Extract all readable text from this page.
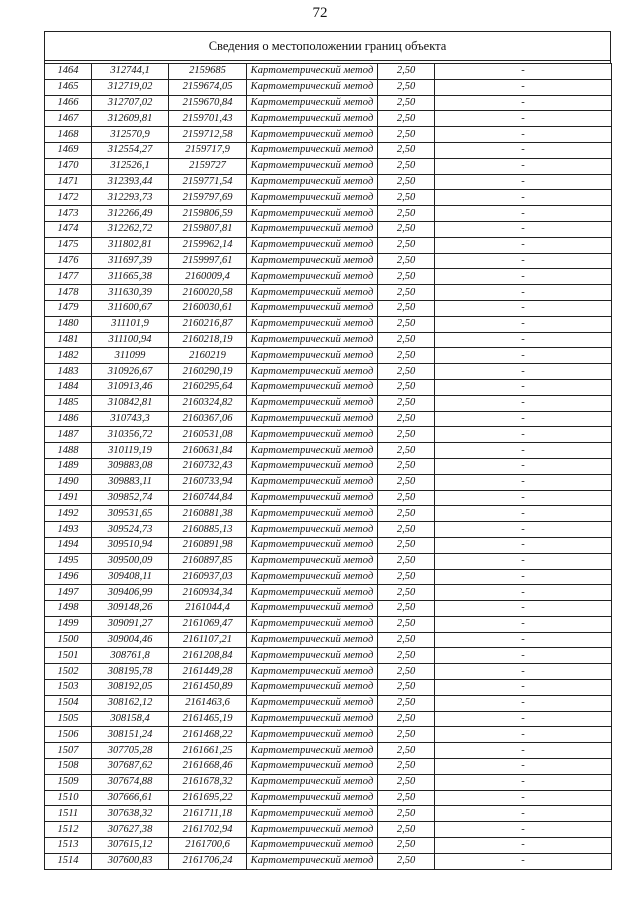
72
Сведения о местоположении границ объекта
1464	312744,1	2159685	Картометрический метод	2,50	-
1465	312719,02	2159674,05	Картометрический метод	2,50	-
1466	312707,02	2159670,84	Картометрический метод	2,50	-
1467	312609,81	2159701,43	Картометрический метод	2,50	-
1468	312570,9	2159712,58	Картометрический метод	2,50	-
1469	312554,27	2159717,9	Картометрический метод	2,50	-
1470	312526,1	2159727	Картометрический метод	2,50	-
1471	312393,44	2159771,54	Картометрический метод	2,50	-
1472	312293,73	2159797,69	Картометрический метод	2,50	-
1473	312266,49	2159806,59	Картометрический метод	2,50	-
1474	312262,72	2159807,81	Картометрический метод	2,50	-
1475	311802,81	2159962,14	Картометрический метод	2,50	-
1476	311697,39	2159997,61	Картометрический метод	2,50	-
1477	311665,38	2160009,4	Картометрический метод	2,50	-
1478	311630,39	2160020,58	Картометрический метод	2,50	-
1479	311600,67	2160030,61	Картометрический метод	2,50	-
1480	311101,9	2160216,87	Картометрический метод	2,50	-
1481	311100,94	2160218,19	Картометрический метод	2,50	-
1482	311099	2160219	Картометрический метод	2,50	-
1483	310926,67	2160290,19	Картометрический метод	2,50	-
1484	310913,46	2160295,64	Картометрический метод	2,50	-
1485	310842,81	2160324,82	Картометрический метод	2,50	-
1486	310743,3	2160367,06	Картометрический метод	2,50	-
1487	310356,72	2160531,08	Картометрический метод	2,50	-
1488	310119,19	2160631,84	Картометрический метод	2,50	-
1489	309883,08	2160732,43	Картометрический метод	2,50	-
1490	309883,11	2160733,94	Картометрический метод	2,50	-
1491	309852,74	2160744,84	Картометрический метод	2,50	-
1492	309531,65	2160881,38	Картометрический метод	2,50	-
1493	309524,73	2160885,13	Картометрический метод	2,50	-
1494	309510,94	2160891,98	Картометрический метод	2,50	-
1495	309500,09	2160897,85	Картометрический метод	2,50	-
1496	309408,11	2160937,03	Картометрический метод	2,50	-
1497	309406,99	2160934,34	Картометрический метод	2,50	-
1498	309148,26	2161044,4	Картометрический метод	2,50	-
1499	309091,27	2161069,47	Картометрический метод	2,50	-
1500	309004,46	2161107,21	Картометрический метод	2,50	-
1501	308761,8	2161208,84	Картометрический метод	2,50	-
1502	308195,78	2161449,28	Картометрический метод	2,50	-
1503	308192,05	2161450,89	Картометрический метод	2,50	-
1504	308162,12	2161463,6	Картометрический метод	2,50	-
1505	308158,4	2161465,19	Картометрический метод	2,50	-
1506	308151,24	2161468,22	Картометрический метод	2,50	-
1507	307705,28	2161661,25	Картометрический метод	2,50	-
1508	307687,62	2161668,46	Картометрический метод	2,50	-
1509	307674,88	2161678,32	Картометрический метод	2,50	-
1510	307666,61	2161695,22	Картометрический метод	2,50	-
1511	307638,32	2161711,18	Картометрический метод	2,50	-
1512	307627,38	2161702,94	Картометрический метод	2,50	-
1513	307615,12	2161700,6	Картометрический метод	2,50	-
1514	307600,83	2161706,24	Картометрический метод	2,50	-
